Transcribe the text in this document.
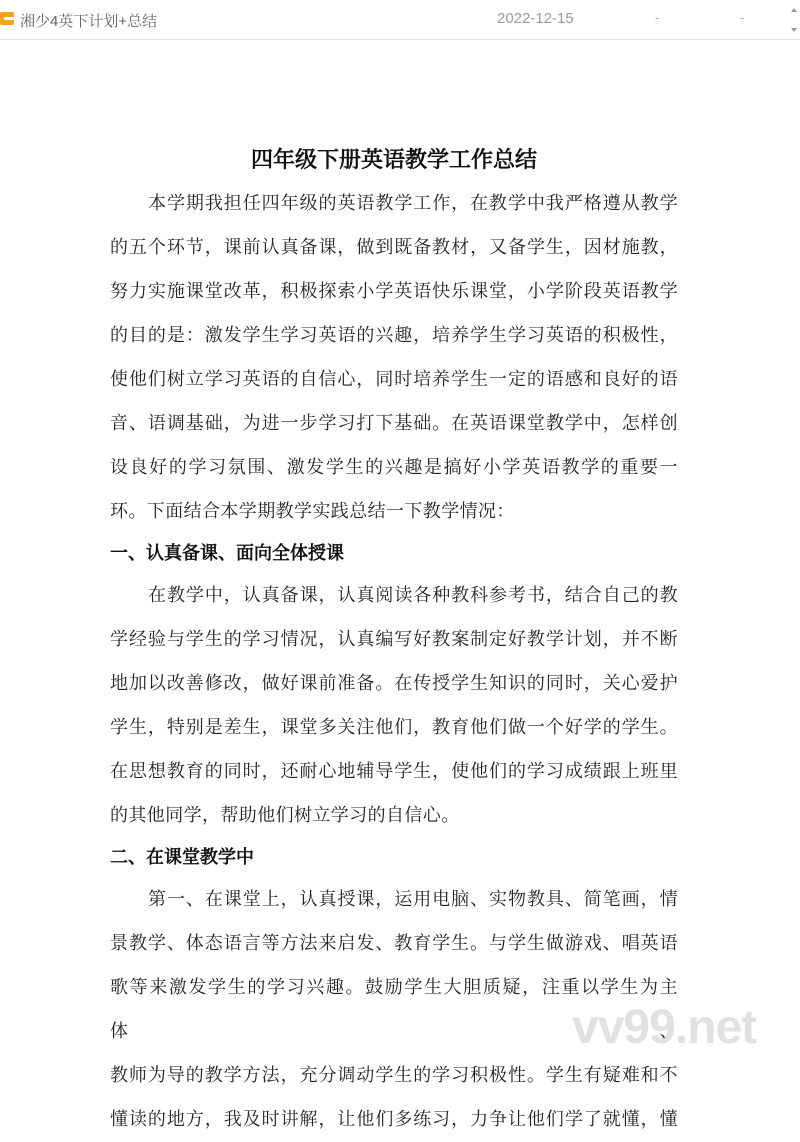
湘少4英下计划+总结	2022-12-15	-	-
四年级下册英语教学工作总结
本学期我担任四年级的英语教学工作，在教学中我严格遵从教学
的五个环节，课前认真备课，做到既备教材，又备学生，因材施教，
努力实施课堂改革，积极探索小学英语快乐课堂，小学阶段英语教学
的目的是：激发学生学习英语的兴趣，培养学生学习英语的积极性，
使他们树立学习英语的自信心，同时培养学生一定的语感和良好的语
音、语调基础，为进一步学习打下基础。在英语课堂教学中，怎样创
设良好的学习氛围、激发学生的兴趣是搞好小学英语教学的重要一
环。下面结合本学期教学实践总结一下教学情况：
一、认真备课、面向全体授课
在教学中，认真备课，认真阅读各种教科参考书，结合自己的教
学经验与学生的学习情况，认真编写好教案制定好教学计划，并不断
地加以改善修改，做好课前准备。在传授学生知识的同时，关心爱护
学生，特别是差生，课堂多关注他们，教育他们做一个好学的学生。
在思想教育的同时，还耐心地辅导学生，使他们的学习成绩跟上班里
的其他同学，帮助他们树立学习的自信心。
二、在课堂教学中
第一、在课堂上，认真授课，运用电脑、实物教具、简笔画，情
景教学、体态语言等方法来启发、教育学生。与学生做游戏、唱英语
歌等来激发学生的学习兴趣。鼓励学生大胆质疑，注重以学生为主体、
教师为导的教学方法，充分调动学生的学习积极性。学生有疑难和不
懂读的地方，我及时讲解，让他们多练习，力争让他们学了就懂，懂
vv99.net
